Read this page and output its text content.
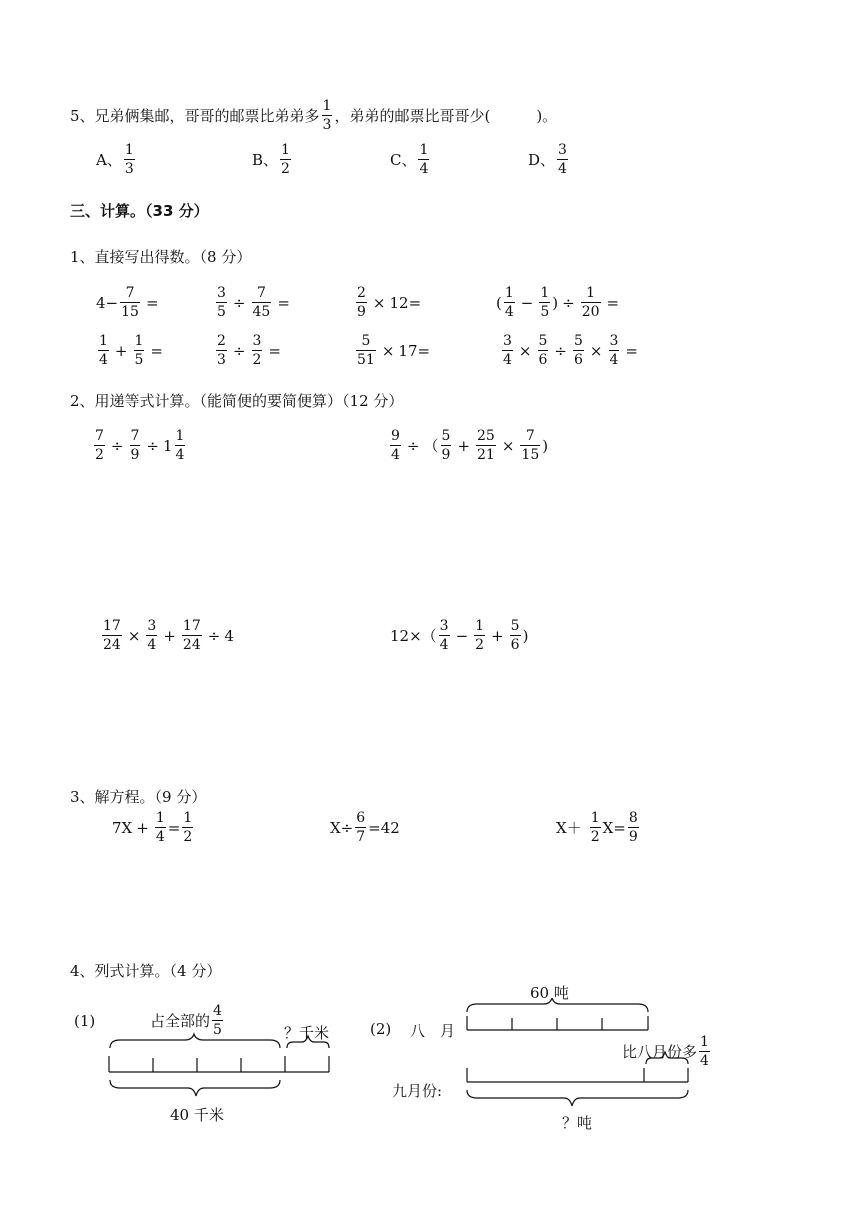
5、兄弟俩集邮，哥哥的邮票比弟弟多 $\frac{1}{3}$ ，弟弟的邮票比哥哥少(	)。
A、 $\frac{1}{3}$	B、 $\frac{1}{2}$	C、 $\frac{1}{4}$	D、 $\frac{3}{4}$
三、计算。（33 分）
1、直接写出得数。（8 分）
$4 - \frac{7}{15}$ =	$\frac{3}{5} \div \frac{7}{45}$ =	$\frac{2}{9} \times 12$ =	( $\frac{1}{4} - \frac{1}{5}$ ) ÷ $\frac{1}{20}$ =
$\frac{1}{4} + \frac{1}{5}$ =	$\frac{2}{3} \div \frac{3}{2}$ =	$\frac{5}{51} \times 17$ =	$\frac{3}{4} \times \frac{5}{6} \div \frac{5}{6} \times \frac{3}{4}$ =
2、用递等式计算。（能简便的要简便算）（12 分）
$\frac{7}{2} \div \frac{7}{9} \div 1 \frac{1}{4}$	$\frac{9}{4}$ ÷ （ $\frac{5}{9} + \frac{25}{21} \times \frac{7}{15}$ )
$\frac{17}{24} \times \frac{3}{4} + \frac{17}{24} \div 4$	12× （ $\frac{3}{4} - \frac{1}{2} + \frac{5}{6}$ )
3、解方程。（9 分）
$7X + \frac{1}{4} = \frac{1}{2}$	$X\div \frac{6}{7} =42$	$X+ \frac{1}{2} X= \frac{8}{9}$
4、列式计算。（4 分）
(1)	占全部的 $\frac{4}{5}$	？千米
40 千米
(2) 八　月
60 吨
比八月份多 $\frac{1}{4}$
九月份:
？吨
